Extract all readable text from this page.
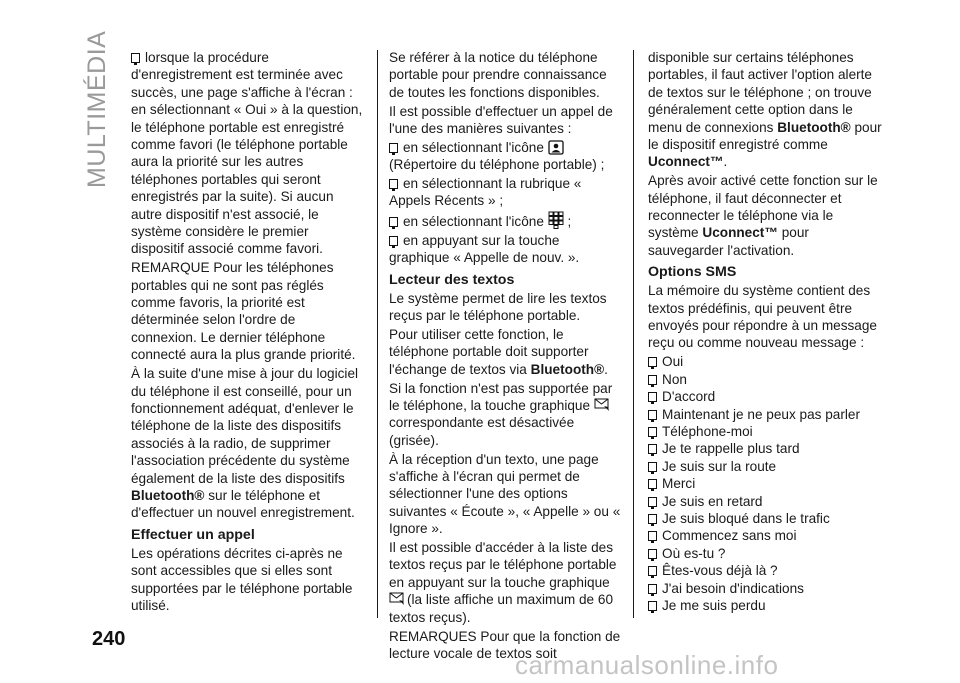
MULTIMÉDIA	lorsque la procédure d'enregistrement est terminée avec succès, une page s'affiche à l'écran : en sélectionnant « Oui » à la question, le téléphone portable est enregistré comme favori (le téléphone portable aura la priorité sur les autres téléphones portables qui seront enregistrés par la suite). Si aucun autre dispositif n'est associé, le système considère le premier dispositif associé comme favori.

REMARQUE Pour les téléphones portables qui ne sont pas réglés comme favoris, la priorité est déterminée selon l'ordre de connexion. Le dernier téléphone connecté aura la plus grande priorité.

À la suite d'une mise à jour du logiciel du téléphone il est conseillé, pour un fonctionnement adéquat, d'enlever le téléphone de la liste des dispositifs associés à la radio, de supprimer l'association précédente du système également de la liste des dispositifs Bluetooth® sur le téléphone et d'effectuer un nouvel enregistrement.

Effectuer un appel

Les opérations décrites ci-après ne sont accessibles que si elles sont supportées par le téléphone portable utilisé.

Se référer à la notice du téléphone portable pour prendre connaissance de toutes les fonctions disponibles.

Il est possible d'effectuer un appel de l'une des manières suivantes :

en sélectionnant l'icône
(Répertoire du téléphone portable) ;

en sélectionnant la rubrique « Appels Récents » ;

en sélectionnant l'icône  ;

en appuyant sur la touche graphique « Appelle de nouv. ».

Lecteur des textos

Le système permet de lire les textos reçus par le téléphone portable.

Pour utiliser cette fonction, le téléphone portable doit supporter l'échange de textos via Bluetooth®.

Si la fonction n'est pas supportée par le téléphone, la touche graphique
correspondante est désactivée (grisée).

À la réception d'un texto, une page s'affiche à l'écran qui permet de sélectionner l'une des options suivantes « Écoute », « Appelle » ou « Ignore ».

Il est possible d'accéder à la liste des textos reçus par le téléphone portable en appuyant sur la touche graphique
(la liste affiche un maximum de 60 textos reçus).

REMARQUES Pour que la fonction de lecture vocale de textos soit

disponible sur certains téléphones portables, il faut activer l'option alerte de textos sur le téléphone ; on trouve généralement cette option dans le menu de connexions Bluetooth® pour le dispositif enregistré comme Uconnect™.

Après avoir activé cette fonction sur le téléphone, il faut déconnecter et reconnecter le téléphone via le système Uconnect™ pour sauvegarder l'activation.

Options SMS

La mémoire du système contient des textos prédéfinis, qui peuvent être envoyés pour répondre à un message reçu ou comme nouveau message :

Oui
Non
D'accord
Maintenant je ne peux pas parler
Téléphone-moi
Je te rappelle plus tard
Je suis sur la route
Merci
Je suis en retard
Je suis bloqué dans le trafic
Commencez sans moi
Où es-tu ?
Êtes-vous déjà là ?
J'ai besoin d'indications
Je me suis perdu
240
carmanualsonline.info
